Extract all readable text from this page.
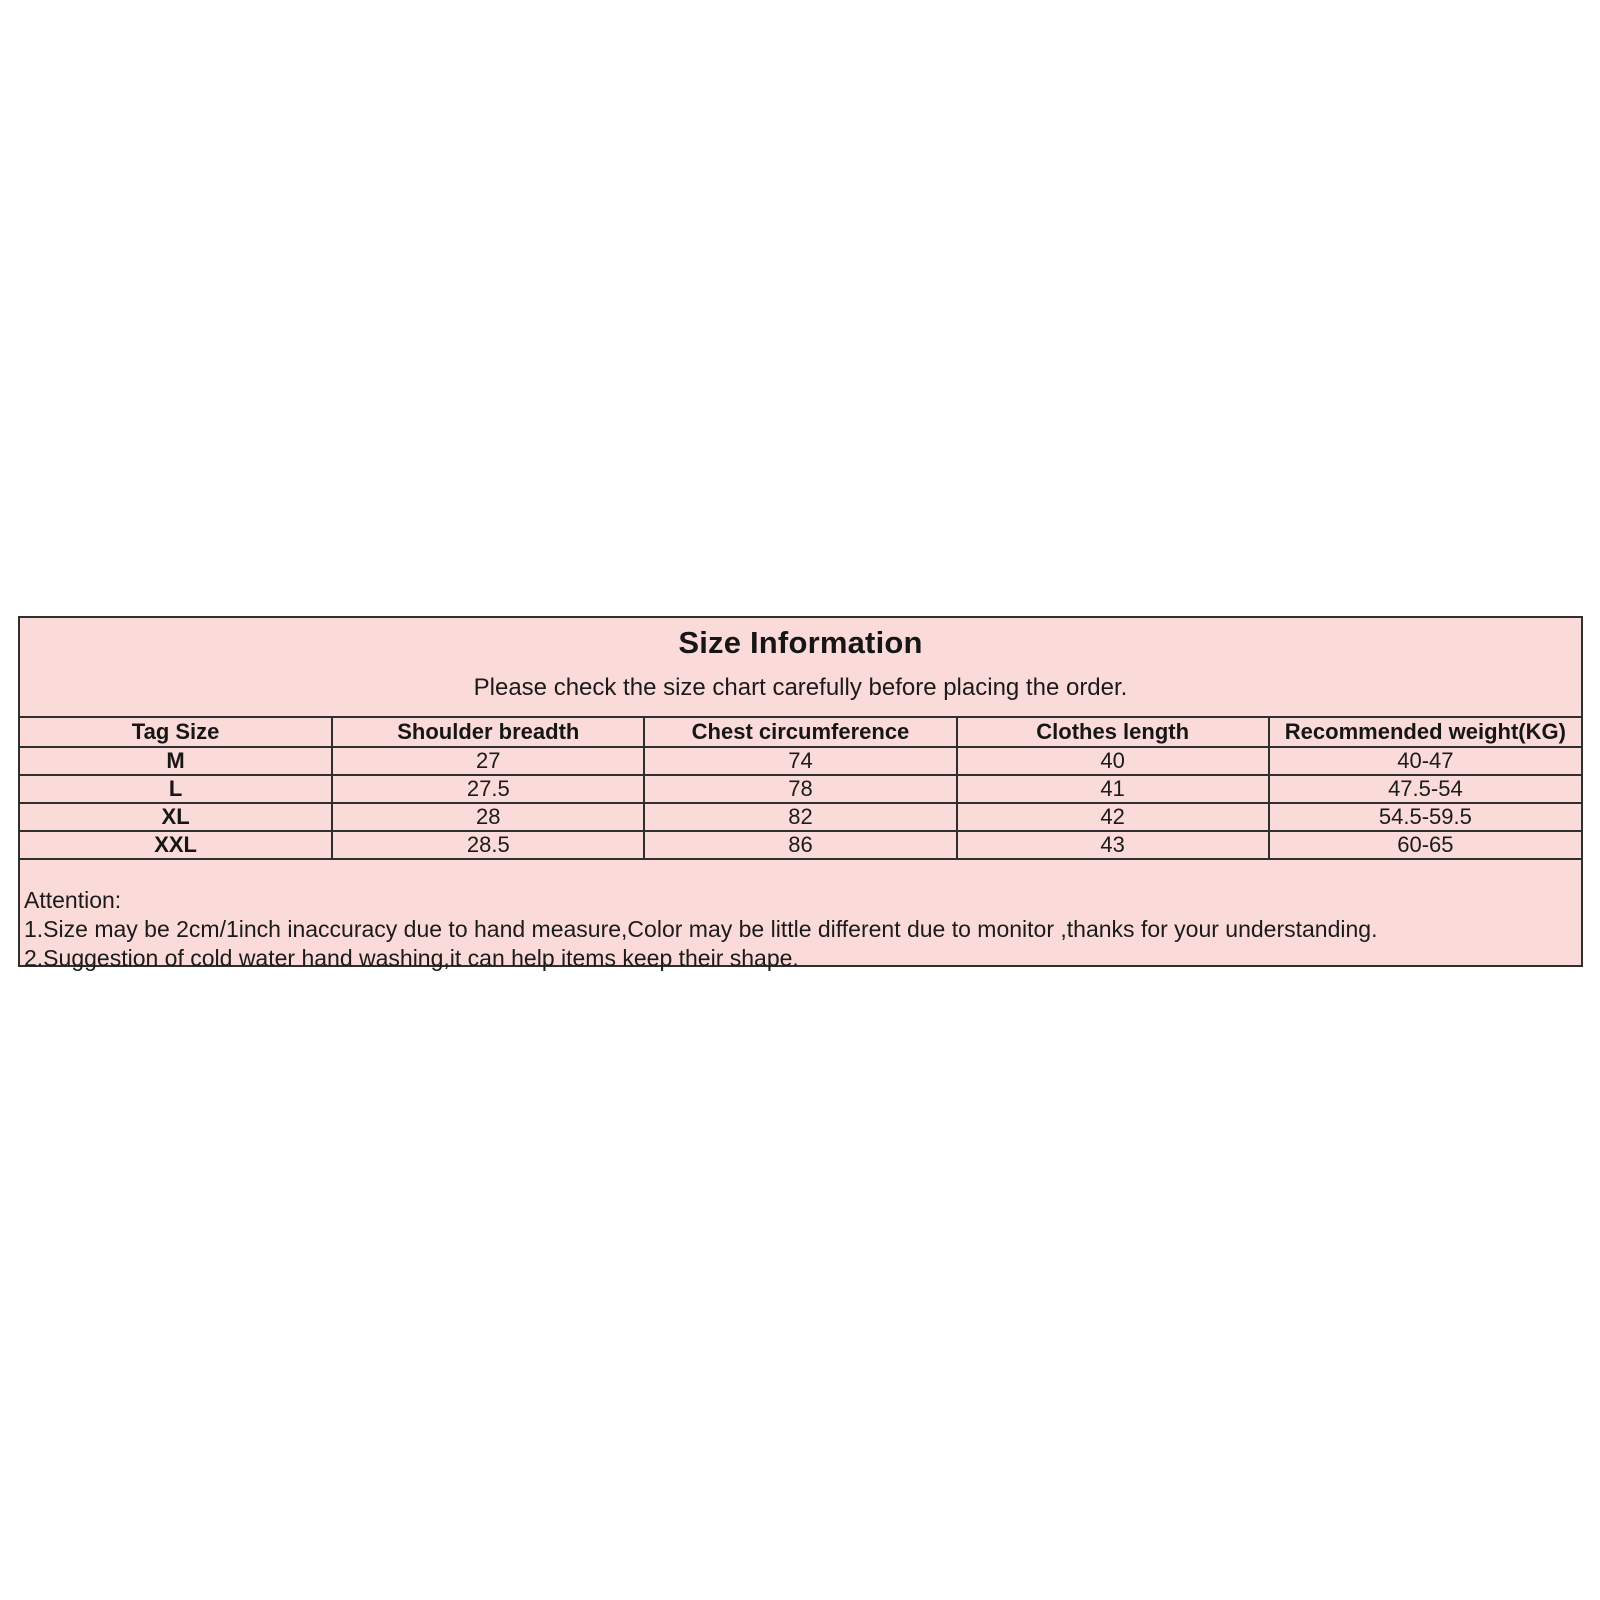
Size Information
Please check the size chart carefully before placing the order.
Tag Size	Shoulder breadth	Chest circumference	Clothes length	Recommended weight(KG)
M	27	74	40	40-47
L	27.5	78	41	47.5-54
XL	28	82	42	54.5-59.5
XXL	28.5	86	43	60-65
Attention:
1.Size may be 2cm/1inch inaccuracy due to hand measure,Color may be little different due to monitor ,thanks for your understanding.
2.Suggestion of cold water hand washing,it can help items keep their shape.
